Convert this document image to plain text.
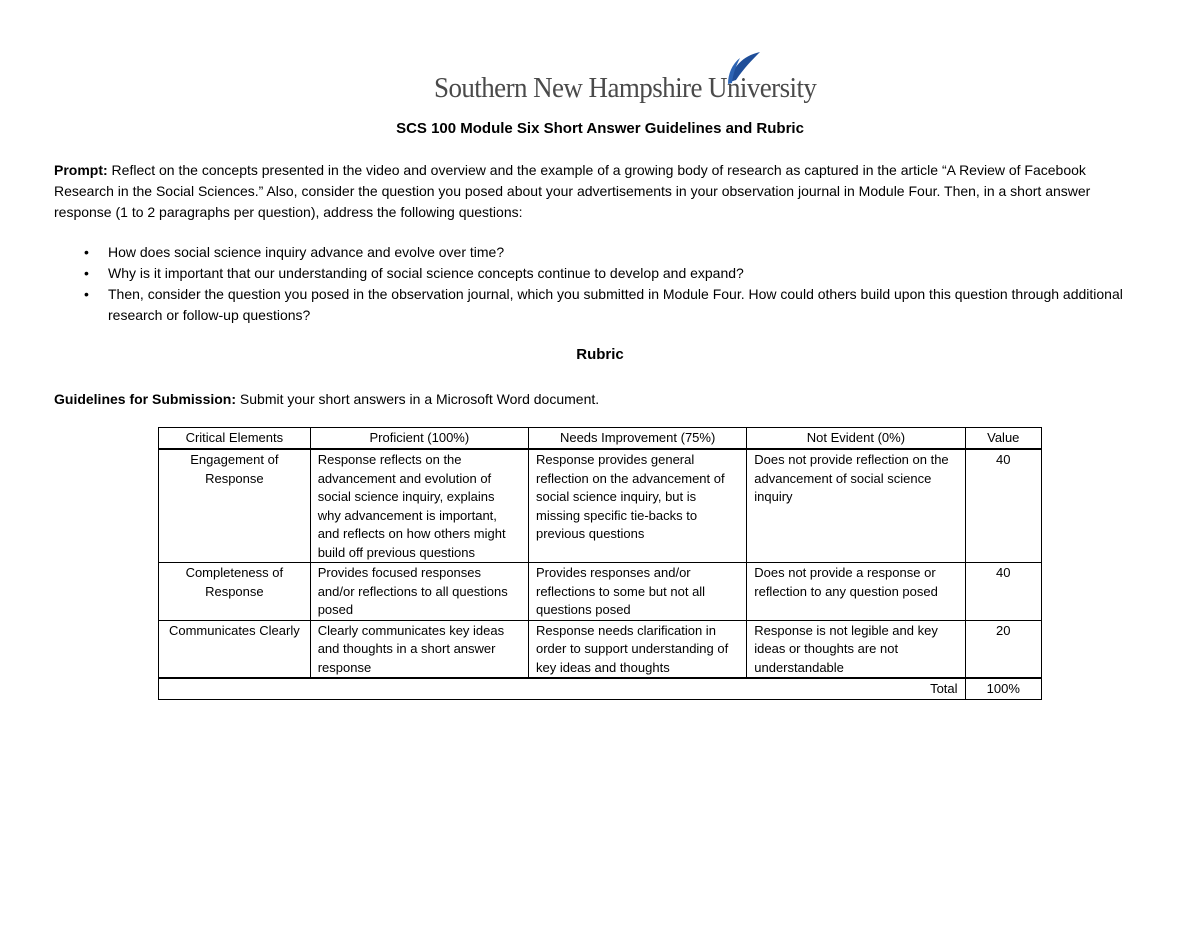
Southern New Hampshire University
SCS 100 Module Six Short Answer Guidelines and Rubric
Prompt: Reflect on the concepts presented in the video and overview and the example of a growing body of research as captured in the article “A Review of Facebook Research in the Social Sciences.” Also, consider the question you posed about your advertisements in your observation journal in Module Four. Then, in a short answer response (1 to 2 paragraphs per question), address the following questions:
• How does social science inquiry advance and evolve over time?
• Why is it important that our understanding of social science concepts continue to develop and expand?
• Then, consider the question you posed in the observation journal, which you submitted in Module Four. How could others build upon this question through additional research or follow-up questions?
Rubric
Guidelines for Submission: Submit your short answers in a Microsoft Word document.
Critical Elements	Proficient (100%)	Needs Improvement (75%)	Not Evident (0%)	Value
Engagement of Response	Response reflects on the advancement and evolution of social science inquiry, explains why advancement is important, and reflects on how others might build off previous questions	Response provides general reflection on the advancement of social science inquiry, but is missing specific tie-backs to previous questions	Does not provide reflection on the advancement of social science inquiry	40
Completeness of Response	Provides focused responses and/or reflections to all questions posed	Provides responses and/or reflections to some but not all questions posed	Does not provide a response or reflection to any question posed	40
Communicates Clearly	Clearly communicates key ideas and thoughts in a short answer response	Response needs clarification in order to support understanding of key ideas and thoughts	Response is not legible and key ideas or thoughts are not understandable	20
Total				100%
